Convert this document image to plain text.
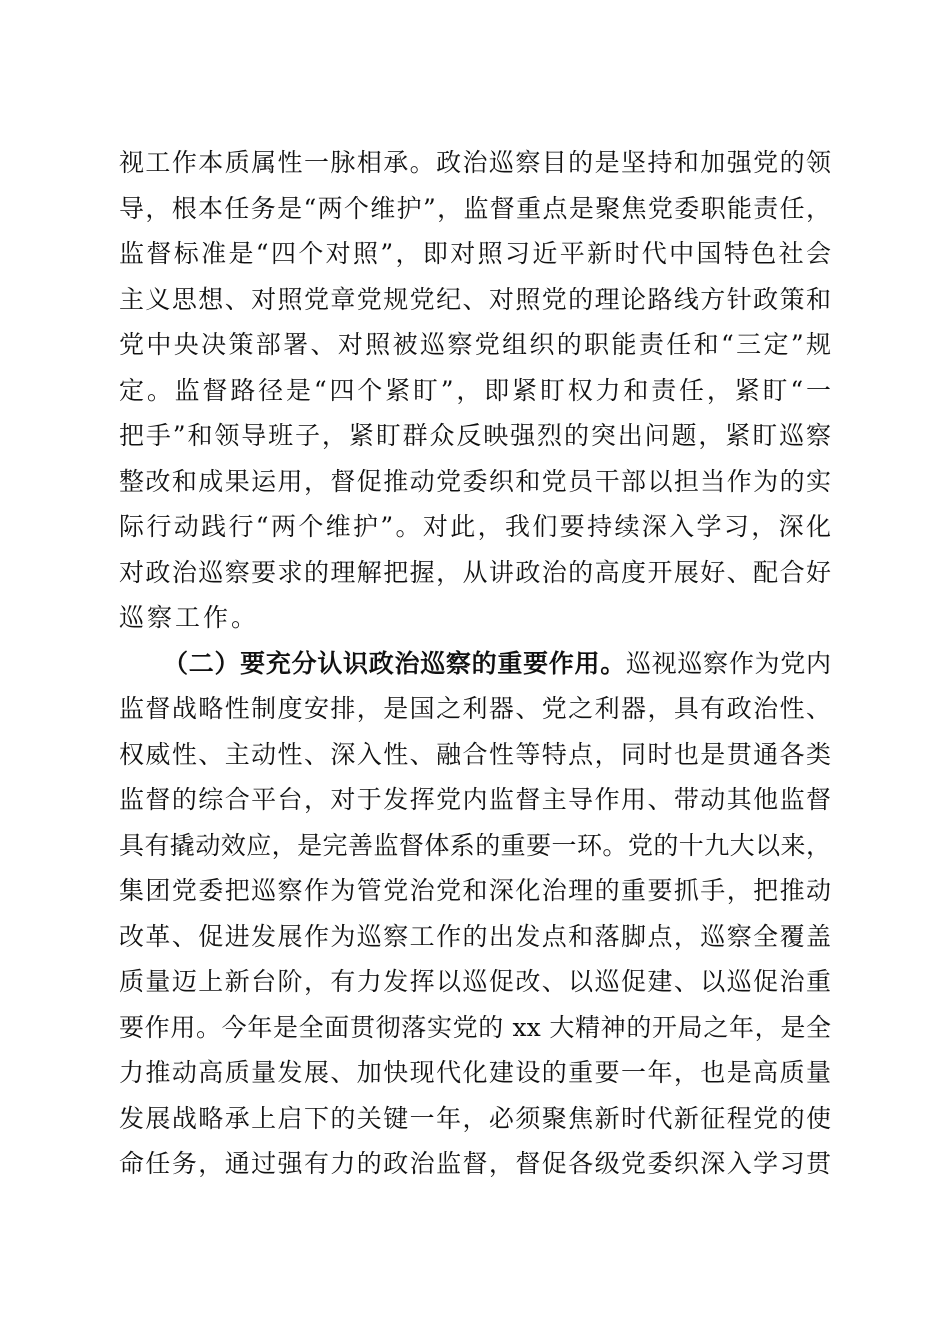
视工作本质属性一脉相承。政治巡察目的是坚持和加强党的领
导，根本任务是“两个维护”，监督重点是聚焦党委职能责任，
监督标准是“四个对照”，即对照习近平新时代中国特色社会
主义思想、对照党章党规党纪、对照党的理论路线方针政策和
党中央决策部署、对照被巡察党组织的职能责任和“三定”规
定。监督路径是“四个紧盯”，即紧盯权力和责任，紧盯“一
把手”和领导班子，紧盯群众反映强烈的突出问题，紧盯巡察
整改和成果运用，督促推动党委织和党员干部以担当作为的实
际行动践行“两个维护”。对此，我们要持续深入学习，深化
对政治巡察要求的理解把握，从讲政治的高度开展好、配合好
巡察工作。
（二）要充分认识政治巡察的重要作用。巡视巡察作为党内
监督战略性制度安排，是国之利器、党之利器，具有政治性、
权威性、主动性、深入性、融合性等特点，同时也是贯通各类
监督的综合平台，对于发挥党内监督主导作用、带动其他监督
具有撬动效应，是完善监督体系的重要一环。党的十九大以来，
集团党委把巡察作为管党治党和深化治理的重要抓手，把推动
改革、促进发展作为巡察工作的出发点和落脚点，巡察全覆盖
质量迈上新台阶，有力发挥以巡促改、以巡促建、以巡促治重
要作用。今年是全面贯彻落实党的 xx 大精神的开局之年，是全
力推动高质量发展、加快现代化建设的重要一年，也是高质量
发展战略承上启下的关键一年，必须聚焦新时代新征程党的使
命任务，通过强有力的政治监督，督促各级党委织深入学习贯
